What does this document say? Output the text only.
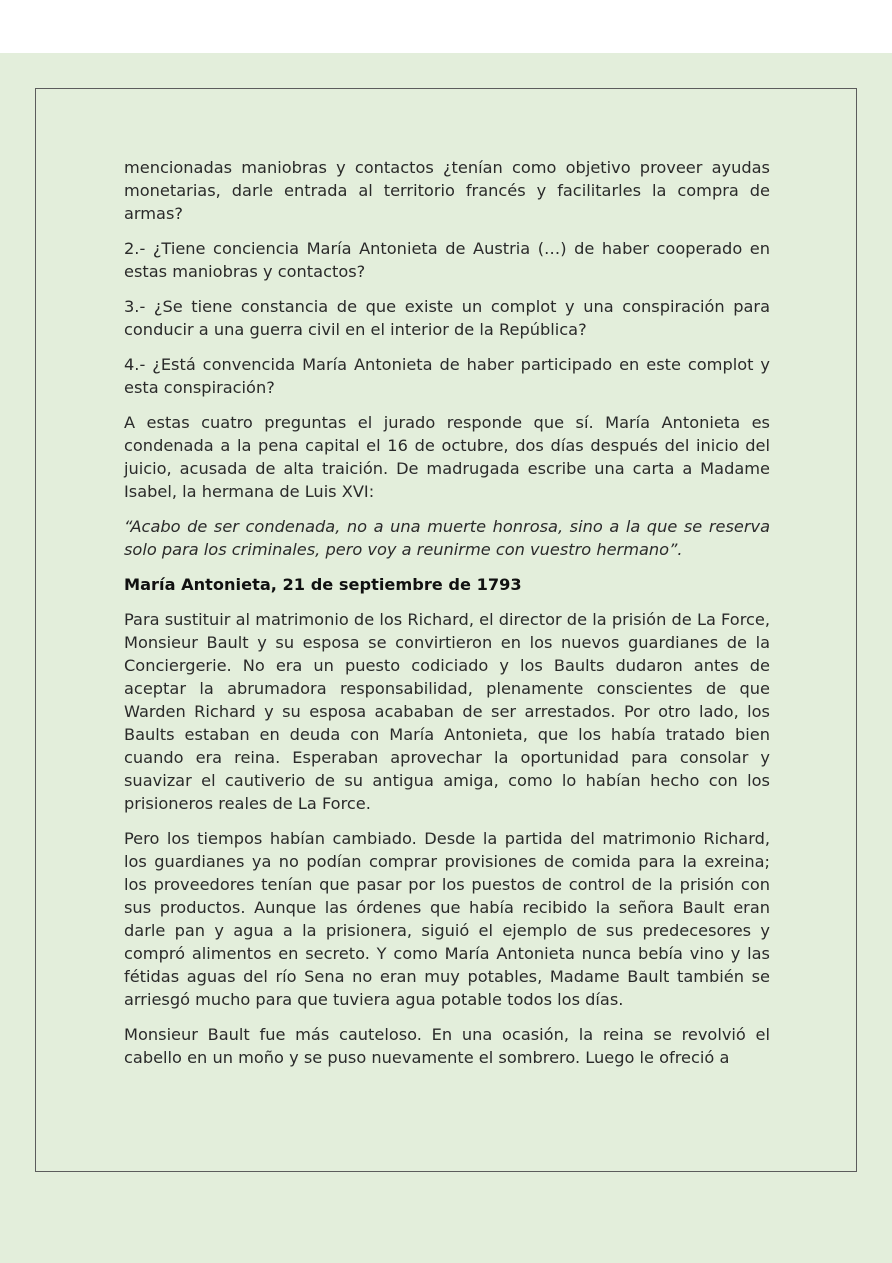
mencionadas maniobras y contactos ¿tenían como objetivo proveer ayudas monetarias, darle entrada al territorio francés y facilitarles la compra de armas?

2.- ¿Tiene conciencia María Antonieta de Austria (…) de haber cooperado en estas maniobras y contactos?

3.- ¿Se tiene constancia de que existe un complot y una conspiración para conducir a una guerra civil en el interior de la República?

4.- ¿Está convencida María Antonieta de haber participado en este complot y esta conspiración?

A estas cuatro preguntas el jurado responde que sí. María Antonieta es condenada a la pena capital el 16 de octubre, dos días después del inicio del juicio, acusada de alta traición. De madrugada escribe una carta a Madame Isabel, la hermana de Luis XVI:

“Acabo de ser condenada, no a una muerte honrosa, sino a la que se reserva solo para los criminales, pero voy a reunirme con vuestro hermano”.

María Antonieta, 21 de septiembre de 1793

Para sustituir al matrimonio de los Richard, el director de la prisión de La Force, Monsieur Bault y su esposa se convirtieron en los nuevos guardianes de la Conciergerie. No era un puesto codiciado y los Baults dudaron antes de aceptar la abrumadora responsabilidad, plenamente conscientes de que Warden Richard y su esposa acababan de ser arrestados. Por otro lado, los Baults estaban en deuda con María Antonieta, que los había tratado bien cuando era reina. Esperaban aprovechar la oportunidad para consolar y suavizar el cautiverio de su antigua amiga, como lo habían hecho con los prisioneros reales de La Force.

Pero los tiempos habían cambiado. Desde la partida del matrimonio Richard, los guardianes ya no podían comprar provisiones de comida para la exreina; los proveedores tenían que pasar por los puestos de control de la prisión con sus productos. Aunque las órdenes que había recibido la señora Bault eran darle pan y agua a la prisionera, siguió el ejemplo de sus predecesores y compró alimentos en secreto. Y como María Antonieta nunca bebía vino y las fétidas aguas del río Sena no eran muy potables, Madame Bault también se arriesgó mucho para que tuviera agua potable todos los días.

Monsieur Bault fue más cauteloso. En una ocasión, la reina se revolvió el cabello en un moño y se puso nuevamente el sombrero. Luego le ofreció a
